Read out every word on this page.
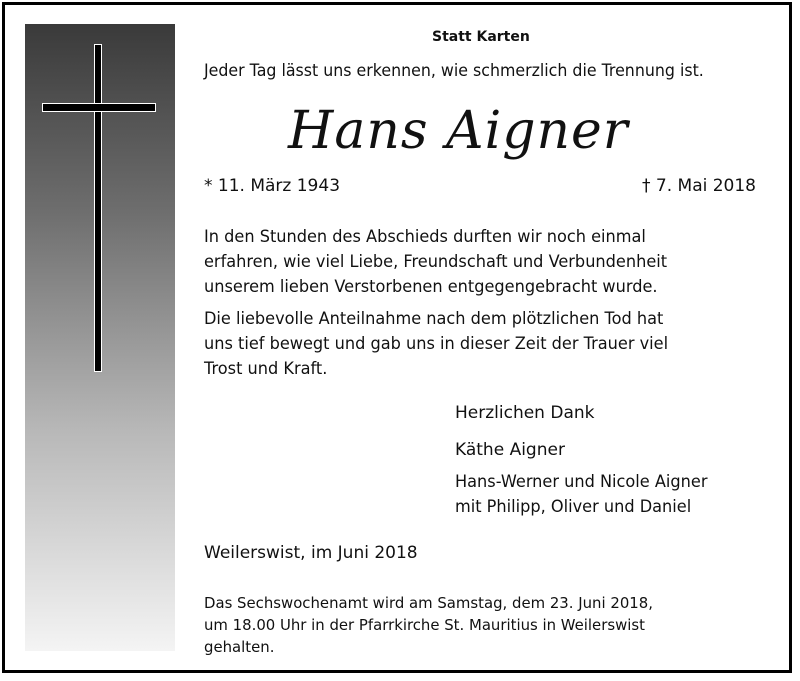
Statt Karten
Jeder Tag lässt uns erkennen, wie schmerzlich die Trennung ist.
Hans Aigner
* 11. März 1943	† 7. Mai 2018
In den Stunden des Abschieds durften wir noch einmal
erfahren, wie viel Liebe, Freundschaft und Verbundenheit
unserem lieben Verstorbenen entgegengebracht wurde.
Die liebevolle Anteilnahme nach dem plötzlichen Tod hat
uns tief bewegt und gab uns in dieser Zeit der Trauer viel
Trost und Kraft.
Herzlichen Dank
Käthe Aigner
Hans-Werner und Nicole Aigner
mit Philipp, Oliver und Daniel
Weilerswist, im Juni 2018
Das Sechswochenamt wird am Samstag, dem 23. Juni 2018,
um 18.00 Uhr in der Pfarrkirche St. Mauritius in Weilerswist
gehalten.
